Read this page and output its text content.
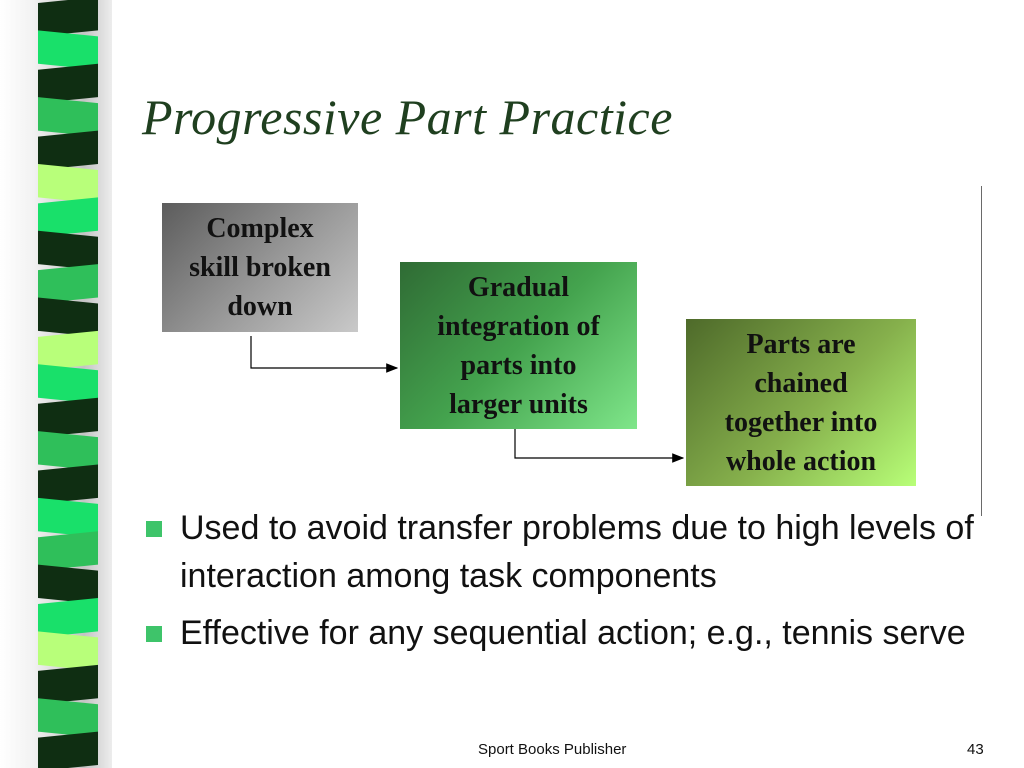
Progressive Part Practice
Complex
skill broken
down
Gradual
integration of
parts into
larger units
Parts are
chained
together into
whole action
Used to avoid transfer problems due to high levels of interaction among task components
Effective for any sequential action; e.g., tennis serve
Sport Books Publisher	43
